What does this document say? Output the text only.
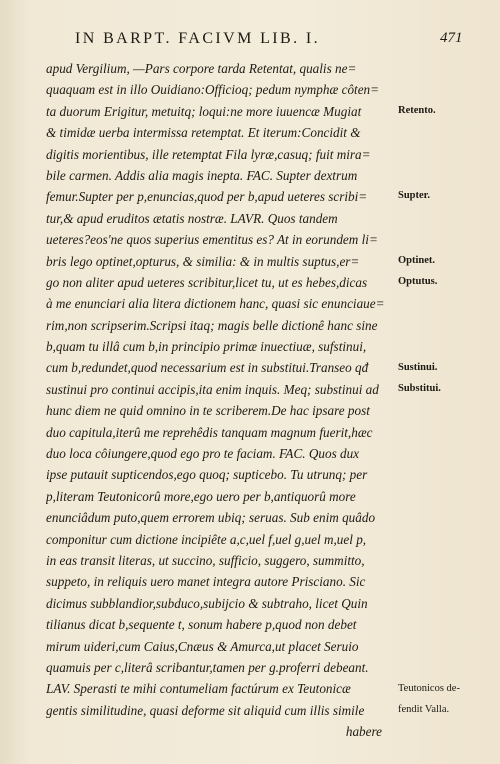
IN BARPT. FACIVM LIB. I.	471
apud Vergilium, —Pars corpore tarda Retentat, qualis ne=
quaquam est in illo Ouidiano:Officioq; pedum nymphæ côten=
ta duorum Erigitur, metuitq; loqui:ne more iuuencæ Mugiat
& timidæ uerba intermissa retemptat. Et iterum:Concidit &
digitis morientibus, ille retemptat Fila lyræ,casuq; fuit mira=
bile carmen. Addis alia magis inepta. FAC. Supter dextrum
femur.Supter per p,enuncias,quod per b,apud ueteres scribi=
tur,& apud eruditos ætatis nostræ. LAVR. Quos tandem
ueteres?eos'ne quos superius ementitus es? At in eorundem li=
bris lego optinet,opturus, & similia: & in multis suptus,er=
go non aliter apud ueteres scribitur,licet tu, ut es hebes,dicas
à me enunciari alia litera dictionem hanc, quasi sic enunciaue=
rim,non scripserim.Scripsi itaq; magis belle dictionê hanc sine
b,quam tu illâ cum b,in principio primæ inuectiuæ, sufstinui,
cum b,redundet,quod necessarium est in substitui.Transeo qđ
sustinui pro continui accipis,ita enim inquis. Meq; substinui ad
hunc diem ne quid omnino in te scriberem.De hac ipsare post
duo capitula,iterû me reprehêdis tanquam magnum fuerit,hæc
duo loca côiungere,quod ego pro te faciam. FAC. Quos dux
ipse putauit supticendos,ego quoq; supticebo. Tu utrunq; per
p,literam Teutonicorû more,ego uero per b,antiquorû more
enunciâdum puto,quem errorem ubiq; seruas. Sub enim quâdo
componitur cum dictione incipiête a,c,uel f,uel g,uel m,uel p,
in eas transit literas, ut succino, sufficio, suggero, summitto,
suppeto, in reliquis uero manet integra autore Prisciano. Sic
dicimus subblandior,subduco,subijcio & subtraho, licet Quin
tilianus dicat b,sequente t, sonum habere p,quod non debet
mirum uideri,cum Caius,Cnæus & Amurca,ut placet Seruio
quamuis per c,literâ scribantur,tamen per g.proferri debeant.
LAV. Sperasti te mihi contumeliam factúrum ex Teutonicæ
gentis similitudine, quasi deforme sit aliquid cum illis simile
habere
Retento.
Supter.
Optinet.
Optutus.
Sustinui.
Substitui.
Teutonicos de-
fendit Valla.
